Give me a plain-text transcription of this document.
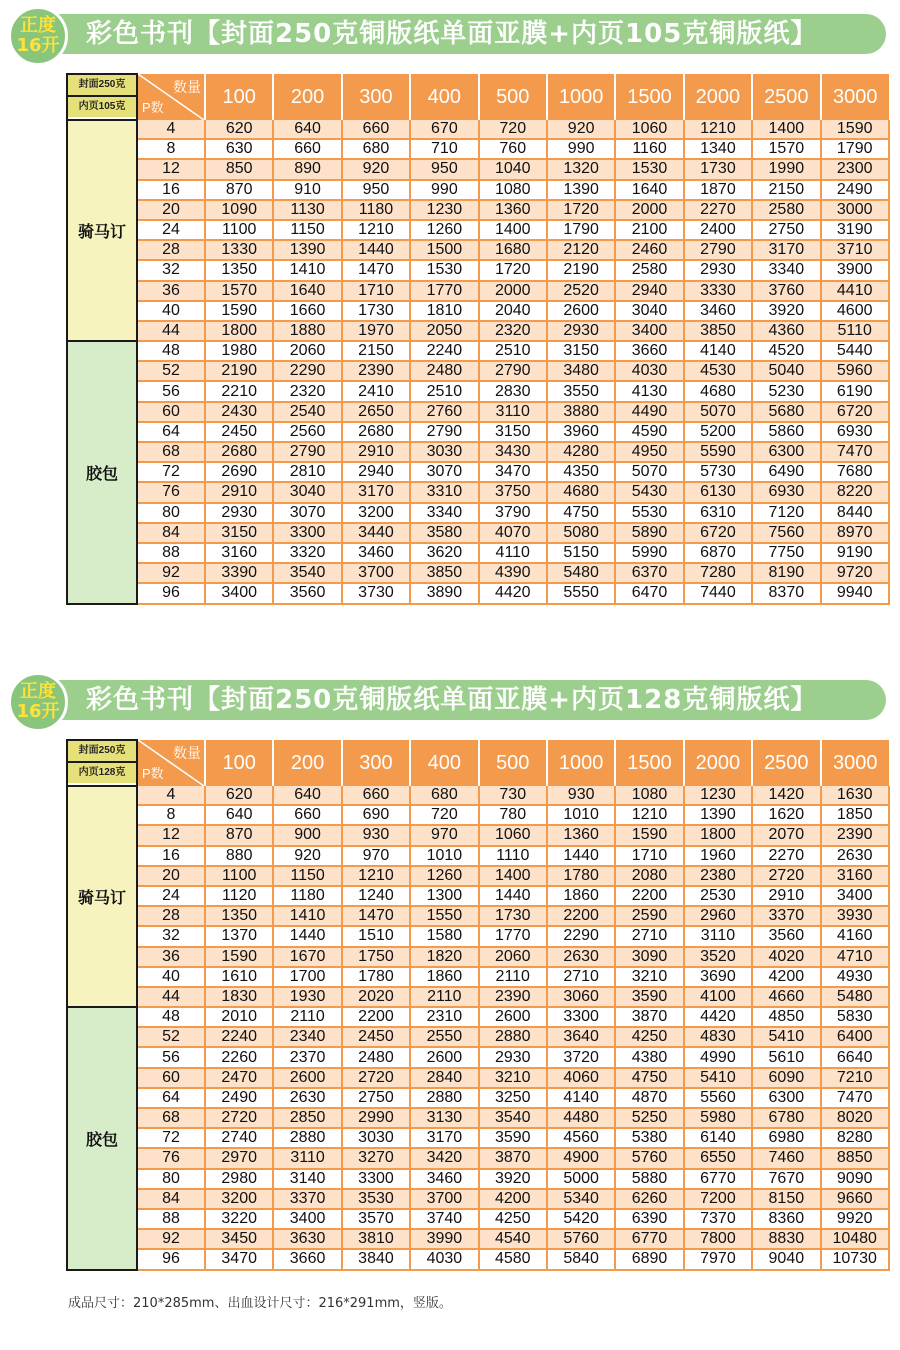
正度
16开 彩色书刊【封面250克铜版纸单面亚膜+内页105克铜版纸】
封面250克
内页105克	数量
P数	100	200	300	400	500	1000	1500	2000	2500	3000
骑马订	4	620	640	660	670	720	920	1060	1210	1400	1590
	8	630	660	680	710	760	990	1160	1340	1570	1790
	12	850	890	920	950	1040	1320	1530	1730	1990	2300
	16	870	910	950	990	1080	1390	1640	1870	2150	2490
	20	1090	1130	1180	1230	1360	1720	2000	2270	2580	3000
	24	1100	1150	1210	1260	1400	1790	2100	2400	2750	3190
	28	1330	1390	1440	1500	1680	2120	2460	2790	3170	3710
	32	1350	1410	1470	1530	1720	2190	2580	2930	3340	3900
	36	1570	1640	1710	1770	2000	2520	2940	3330	3760	4410
	40	1590	1660	1730	1810	2040	2600	3040	3460	3920	4600
	44	1800	1880	1970	2050	2320	2930	3400	3850	4360	5110
胶包	48	1980	2060	2150	2240	2510	3150	3660	4140	4520	5440
	52	2190	2290	2390	2480	2790	3480	4030	4530	5040	5960
	56	2210	2320	2410	2510	2830	3550	4130	4680	5230	6190
	60	2430	2540	2650	2760	3110	3880	4490	5070	5680	6720
	64	2450	2560	2680	2790	3150	3960	4590	5200	5860	6930
	68	2680	2790	2910	3030	3430	4280	4950	5590	6300	7470
	72	2690	2810	2940	3070	3470	4350	5070	5730	6490	7680
	76	2910	3040	3170	3310	3750	4680	5430	6130	6930	8220
	80	2930	3070	3200	3340	3790	4750	5530	6310	7120	8440
	84	3150	3300	3440	3580	4070	5080	5890	6720	7560	8970
	88	3160	3320	3460	3620	4110	5150	5990	6870	7750	9190
	92	3390	3540	3700	3850	4390	5480	6370	7280	8190	9720
	96	3400	3560	3730	3890	4420	5550	6470	7440	8370	9940
正度
16开 彩色书刊【封面250克铜版纸单面亚膜+内页128克铜版纸】
封面250克
内页128克	数量
P数	100	200	300	400	500	1000	1500	2000	2500	3000
骑马订	4	620	640	660	680	730	930	1080	1230	1420	1630
	8	640	660	690	720	780	1010	1210	1390	1620	1850
	12	870	900	930	970	1060	1360	1590	1800	2070	2390
	16	880	920	970	1010	1110	1440	1710	1960	2270	2630
	20	1100	1150	1210	1260	1400	1780	2080	2380	2720	3160
	24	1120	1180	1240	1300	1440	1860	2200	2530	2910	3400
	28	1350	1410	1470	1550	1730	2200	2590	2960	3370	3930
	32	1370	1440	1510	1580	1770	2290	2710	3110	3560	4160
	36	1590	1670	1750	1820	2060	2630	3090	3520	4020	4710
	40	1610	1700	1780	1860	2110	2710	3210	3690	4200	4930
	44	1830	1930	2020	2110	2390	3060	3590	4100	4660	5480
胶包	48	2010	2110	2200	2310	2600	3300	3870	4420	4850	5830
	52	2240	2340	2450	2550	2880	3640	4250	4830	5410	6400
	56	2260	2370	2480	2600	2930	3720	4380	4990	5610	6640
	60	2470	2600	2720	2840	3210	4060	4750	5410	6090	7210
	64	2490	2630	2750	2880	3250	4140	4870	5560	6300	7470
	68	2720	2850	2990	3130	3540	4480	5250	5980	6780	8020
	72	2740	2880	3030	3170	3590	4560	5380	6140	6980	8280
	76	2970	3110	3270	3420	3870	4900	5760	6550	7460	8850
	80	2980	3140	3300	3460	3920	5000	5880	6770	7670	9090
	84	3200	3370	3530	3700	4200	5340	6260	7200	8150	9660
	88	3220	3400	3570	3740	4250	5420	6390	7370	8360	9920
	92	3450	3630	3810	3990	4540	5760	6770	7800	8830	10480
	96	3470	3660	3840	4030	4580	5840	6890	7970	9040	10730
成品尺寸：210*285mm、出血设计尺寸：216*291mm，竖版。
